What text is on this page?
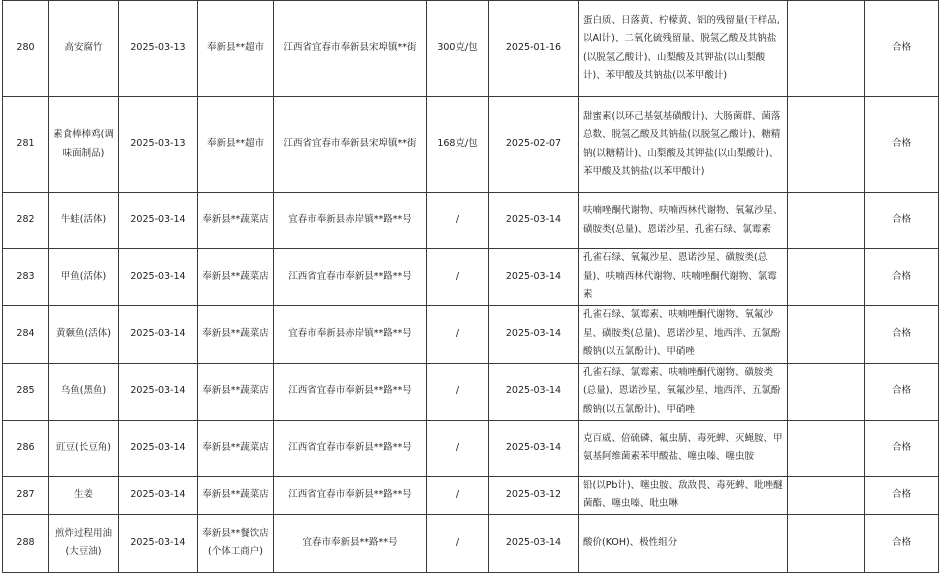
280	高安腐竹	2025-03-13	奉新县**超市	江西省宜春市奉新县宋埠镇**街	300克/包	2025-01-16	蛋白质、日落黄、柠檬黄、铝的残留量(干样品,以Al计)、二氧化硫残留量、脱氢乙酸及其钠盐(以脱氢乙酸计)、山梨酸及其钾盐(以山梨酸计)、苯甲酸及其钠盐(以苯甲酸计)		合格
281	素食棒棒鸡(调味面制品)	2025-03-13	奉新县**超市	江西省宜春市奉新县宋埠镇**街	168克/包	2025-02-07	甜蜜素(以环己基氨基磺酸计)、大肠菌群、菌落总数、脱氢乙酸及其钠盐(以脱氢乙酸计)、糖精钠(以糖精计)、山梨酸及其钾盐(以山梨酸计)、苯甲酸及其钠盐(以苯甲酸计)		合格
282	牛蛙(活体)	2025-03-14	奉新县**蔬菜店	宜春市奉新县赤岸镇**路**号	/	2025-03-14	呋喃唑酮代谢物、呋喃西林代谢物、氧氟沙星、磺胺类(总量)、恩诺沙星、孔雀石绿、氯霉素		合格
283	甲鱼(活体)	2025-03-14	奉新县**蔬菜店	江西省宜春市奉新县**路**号	/	2025-03-14	孔雀石绿、氧氟沙星、恩诺沙星、磺胺类(总量)、呋喃西林代谢物、呋喃唑酮代谢物、氯霉素		合格
284	黄颡鱼(活体)	2025-03-14	奉新县**蔬菜店	宜春市奉新县赤岸镇**路**号	/	2025-03-14	孔雀石绿、氯霉素、呋喃唑酮代谢物、氧氟沙星、磺胺类(总量)、恩诺沙星、地西泮、五氯酚酸钠(以五氯酚计)、甲硝唑		合格
285	乌鱼(黑鱼)	2025-03-14	奉新县**蔬菜店	江西省宜春市奉新县**路**号	/	2025-03-14	孔雀石绿、氯霉素、呋喃唑酮代谢物、磺胺类(总量)、恩诺沙星、氧氟沙星、地西泮、五氯酚酸钠(以五氯酚计)、甲硝唑		合格
286	豇豆(长豆角)	2025-03-14	奉新县**蔬菜店	江西省宜春市奉新县**路**号	/	2025-03-14	克百威、倍硫磷、氟虫腈、毒死蜱、灭蝇胺、甲氨基阿维菌素苯甲酸盐、噻虫嗪、噻虫胺		合格
287	生姜	2025-03-14	奉新县**蔬菜店	江西省宜春市奉新县**路**号	/	2025-03-12	铅(以Pb计)、噻虫胺、敌敌畏、毒死蜱、吡唑醚菌酯、噻虫嗪、吡虫啉		合格
288	煎炸过程用油(大豆油)	2025-03-14	奉新县**餐饮店(个体工商户)	宜春市奉新县**路**号	/	2025-03-14	酸价(KOH)、极性组分		合格
